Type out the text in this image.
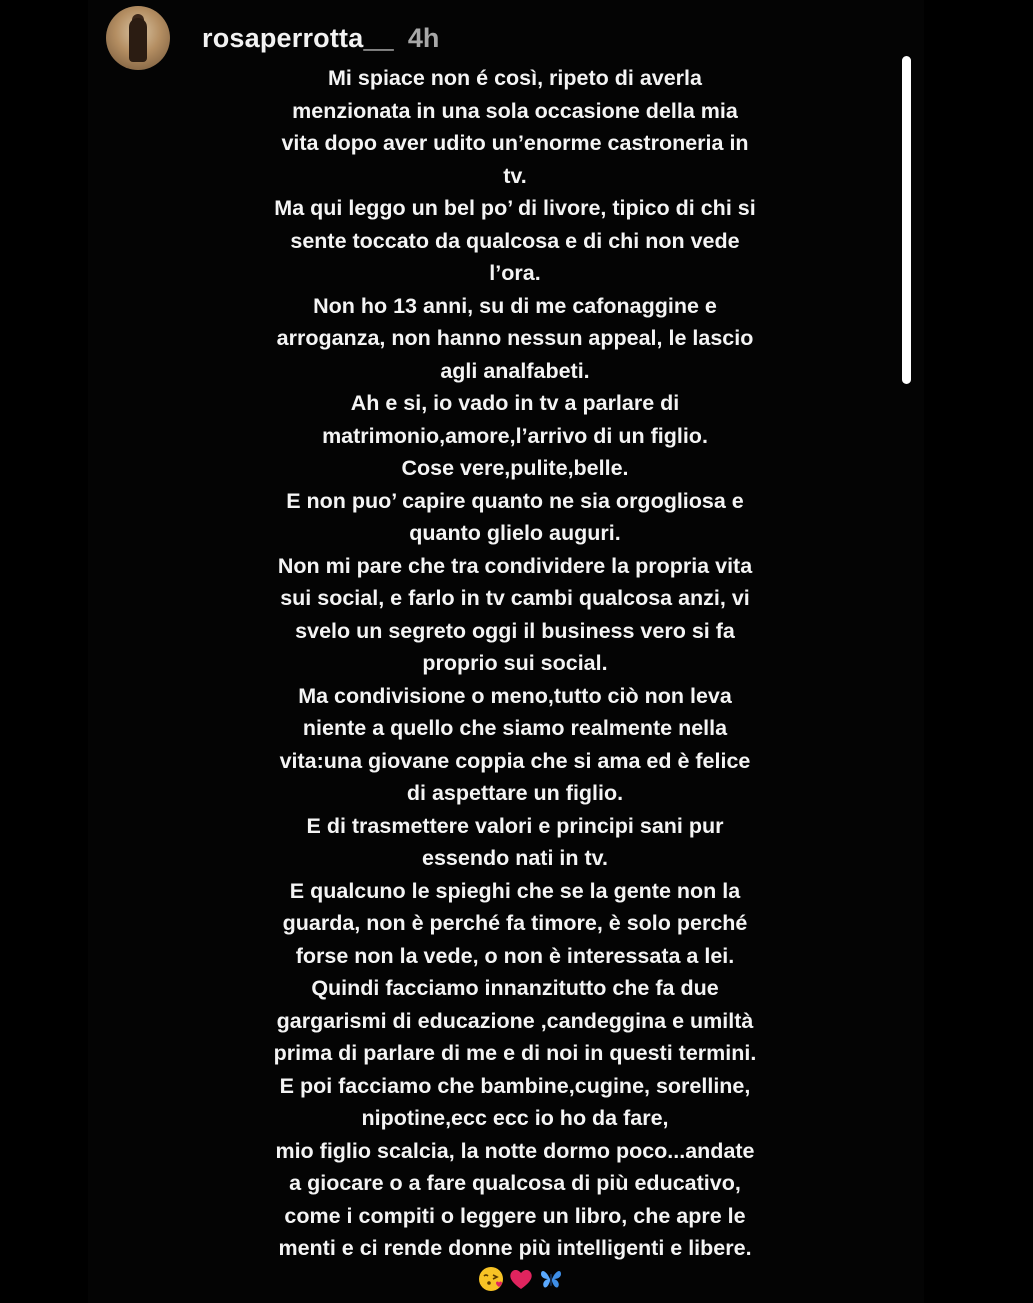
rosaperrotta__ 4h
Mi spiace non é così, ripeto di averla
menzionata in una sola occasione della mia
vita dopo aver udito un’enorme castroneria in
tv.
Ma qui leggo un bel po’ di livore, tipico di chi si
sente toccato da qualcosa e di chi non vede
l’ora.
Non ho 13 anni, su di me cafonaggine e
arroganza, non hanno nessun appeal, le lascio
agli analfabeti.
Ah e si, io vado in tv a parlare di
matrimonio,amore,l’arrivo di un figlio.
Cose vere,pulite,belle.
E non puo’ capire quanto ne sia orgogliosa e
quanto glielo auguri.
Non mi pare che tra condividere la propria vita
sui social, e farlo in tv cambi qualcosa anzi, vi
svelo un segreto oggi il business vero si fa
proprio sui social.
Ma condivisione o meno,tutto ciò non leva
niente a quello che siamo realmente nella
vita:una giovane coppia che si ama ed è felice
di aspettare un figlio.
E di trasmettere valori e principi sani pur
essendo nati in tv.
E qualcuno le spieghi che se la gente non la
guarda, non è perché fa timore, è solo perché
forse non la vede, o non è interessata a lei.
Quindi facciamo innanzitutto che fa due
gargarismi di educazione ,candeggina e umiltà
prima di parlare di me e di noi in questi termini.
E poi facciamo che bambine,cugine, sorelline,
nipotine,ecc ecc io ho da fare,
mio figlio scalcia, la notte dormo poco...andate
a giocare o a fare qualcosa di più educativo,
come i compiti o leggere un libro, che apre le
menti e ci rende donne più intelligenti e libere.
